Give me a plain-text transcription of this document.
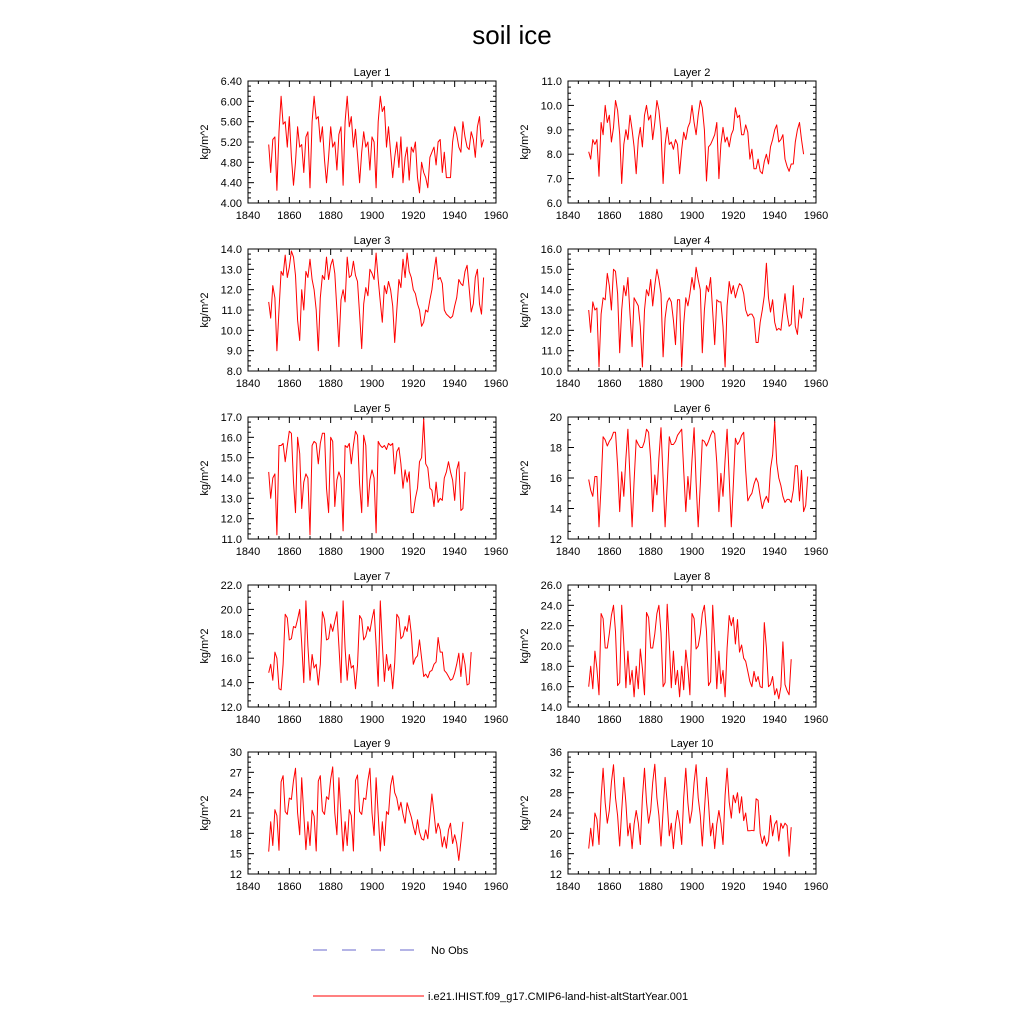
soil ice
Layer 1
kg/m^2
1840 1860 1880 1900 1920 1940 1960
4.00
4.40
4.80
5.20
5.60
6.00
6.40
Layer 2
kg/m^2
1840 1860 1880 1900 1920 1940 1960
6.0
7.0
8.0
9.0
10.0
11.0
Layer 3
kg/m^2
1840 1860 1880 1900 1920 1940 1960
8.0
9.0
10.0
11.0
12.0
13.0
14.0
Layer 4
kg/m^2
1840 1860 1880 1900 1920 1940 1960
10.0
11.0
12.0
13.0
14.0
15.0
16.0
Layer 5
kg/m^2
1840 1860 1880 1900 1920 1940 1960
11.0
12.0
13.0
14.0
15.0
16.0
17.0
Layer 6
kg/m^2
1840 1860 1880 1900 1920 1940 1960
12
14
16
18
20
Layer 7
kg/m^2
1840 1860 1880 1900 1920 1940 1960
12.0
14.0
16.0
18.0
20.0
22.0
Layer 8
kg/m^2
1840 1860 1880 1900 1920 1940 1960
14.0
16.0
18.0
20.0
22.0
24.0
26.0
Layer 9
kg/m^2
1840 1860 1880 1900 1920 1940 1960
12
15
18
21
24
27
30
Layer 10
kg/m^2
1840 1860 1880 1900 1920 1940 1960
12
16
20
24
28
32
36
No Obs
i.e21.IHIST.f09_g17.CMIP6-land-hist-altStartYear.001
